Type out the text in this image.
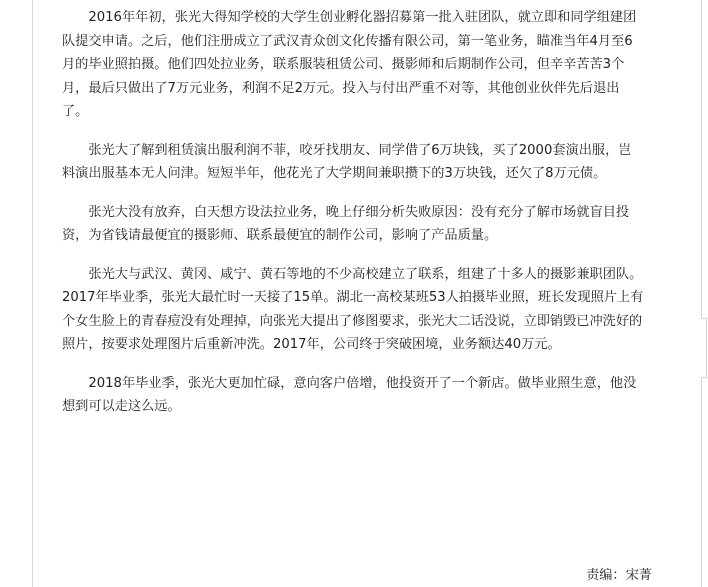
2016年年初，张光大得知学校的大学生创业孵化器招募第一批入驻团队，就立即和同学组建团队提交申请。之后，他们注册成立了武汉青众创文化传播有限公司，第一笔业务，瞄准当年4月至6月的毕业照拍摄。他们四处拉业务，联系服装租赁公司、摄影师和后期制作公司，但辛辛苦苦3个月，最后只做出了7万元业务，利润不足2万元。投入与付出严重不对等，其他创业伙伴先后退出了。

张光大了解到租赁演出服利润不菲，咬牙找朋友、同学借了6万块钱，买了2000套演出服，岂料演出服基本无人问津。短短半年，他花光了大学期间兼职攒下的3万块钱，还欠了8万元债。

张光大没有放弃，白天想方设法拉业务，晚上仔细分析失败原因：没有充分了解市场就盲目投资，为省钱请最便宜的摄影师、联系最便宜的制作公司，影响了产品质量。

张光大与武汉、黄冈、咸宁、黄石等地的不少高校建立了联系，组建了十多人的摄影兼职团队。2017年毕业季，张光大最忙时一天接了15单。湖北一高校某班53人拍摄毕业照，班长发现照片上有个女生脸上的青春痘没有处理掉，向张光大提出了修图要求，张光大二话没说，立即销毁已冲洗好的照片，按要求处理图片后重新冲洗。2017年，公司终于突破困境，业务额达40万元。

2018年毕业季，张光大更加忙碌，意向客户倍增，他投资开了一个新店。做毕业照生意，他没想到可以走这么远。

责编：宋菁
